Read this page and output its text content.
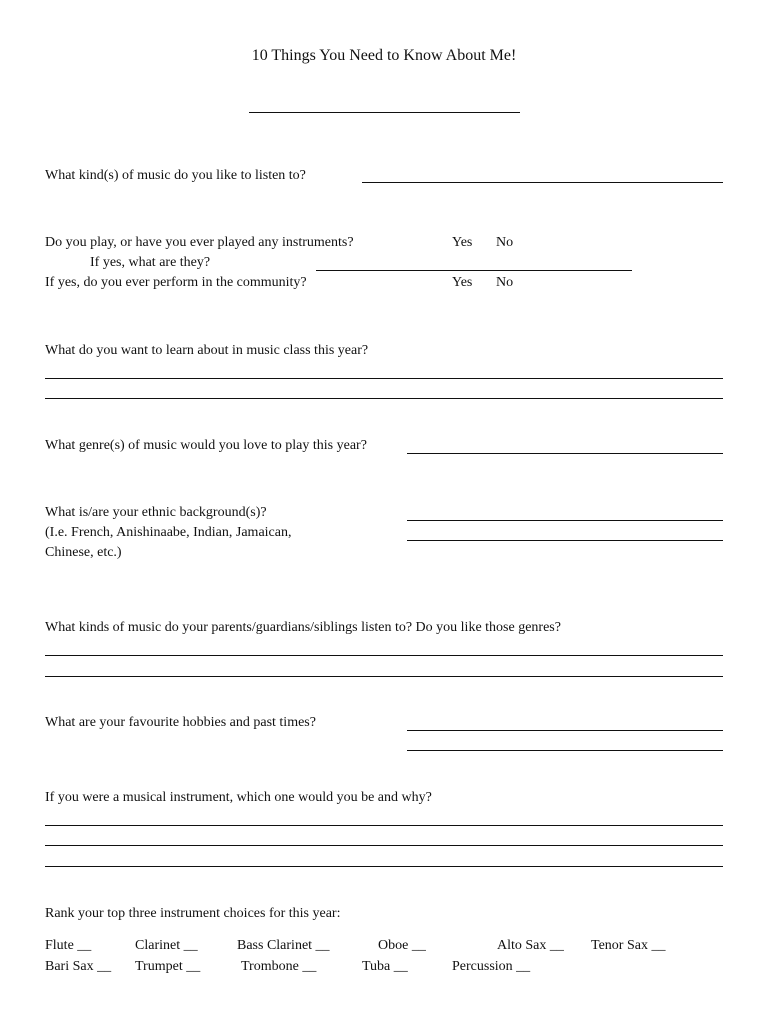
10 Things You Need to Know About Me!
What kind(s) of music do you like to listen to?
Do you play, or have you ever played any instruments?	Yes No
If yes, what are they?
If yes, do you ever perform in the community?	Yes No
What do you want to learn about in music class this year?
What genre(s) of music would you love to play this year?
What is/are your ethnic background(s)?
(I.e. French, Anishinaabe, Indian, Jamaican,
Chinese, etc.)
What kinds of music do your parents/guardians/siblings listen to? Do you like those genres?
What are your favourite hobbies and past times?
If you were a musical instrument, which one would you be and why?
Rank your top three instrument choices for this year:
Flute __	Clarinet __	Bass Clarinet __	Oboe __	Alto Sax __ Tenor Sax __
Bari Sax __ Trumpet __	Trombone __	Tuba __	Percussion __
